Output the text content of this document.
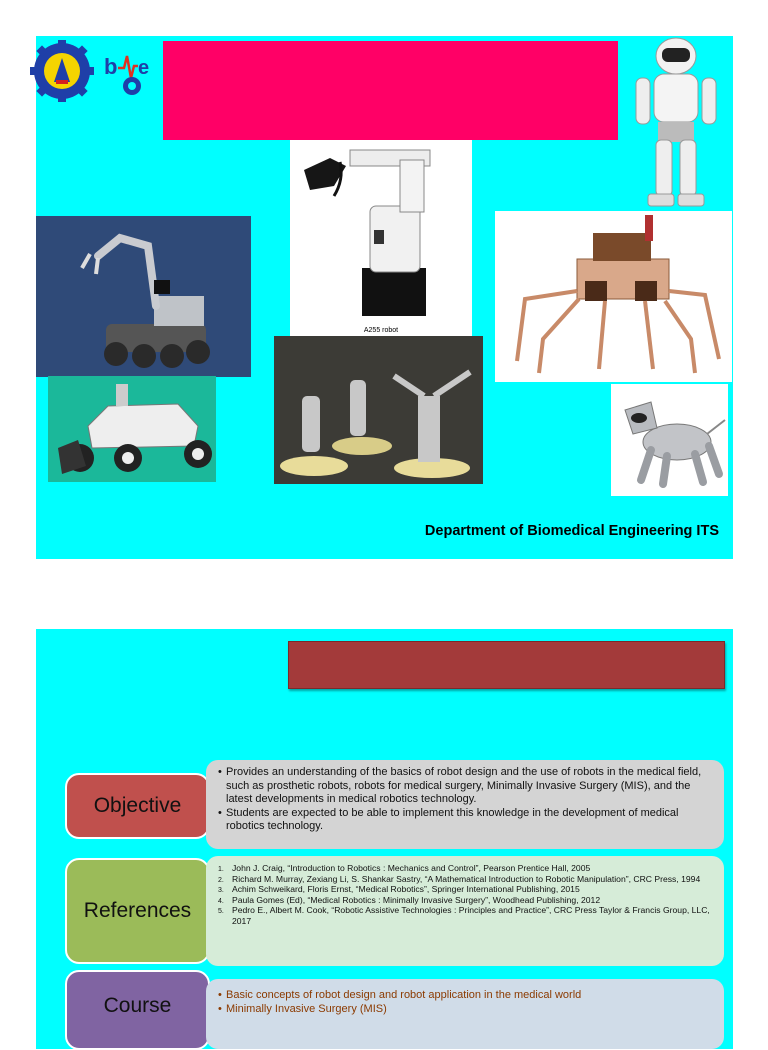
b e
A255 robot
Department of Biomedical Engineering ITS
Objective
• Provides an understanding of the basics of robot design and the use of robots in the medical field, such as prosthetic robots, robots for medical surgery, Minimally Invasive Surgery (MIS), and the latest developments in medical robotics technology.
• Students are expected to be able to implement this knowledge in the development of medical robotics technology.
References
1. John J. Craig, “Introduction to Robotics : Mechanics and Control”, Pearson Prentice Hall, 2005
2. Richard M. Murray, Zexiang Li, S. Shankar Sastry, “A Mathematical Introduction to Robotic Manipulation”, CRC Press, 1994
3. Achim Schweikard, Floris Ernst, “Medical Robotics”, Springer International Publishing, 2015
4. Paula Gomes (Ed), “Medical Robotics : Minimally Invasive Surgery”, Woodhead Publishing, 2012
5. Pedro E., Albert M. Cook, “Robotic Assistive Technologies : Principles and Practice”, CRC Press Taylor & Francis Group, LLC, 2017
Course
•	Basic concepts of robot design and robot application in the medical world
• Minimally Invasive Surgery (MIS)
